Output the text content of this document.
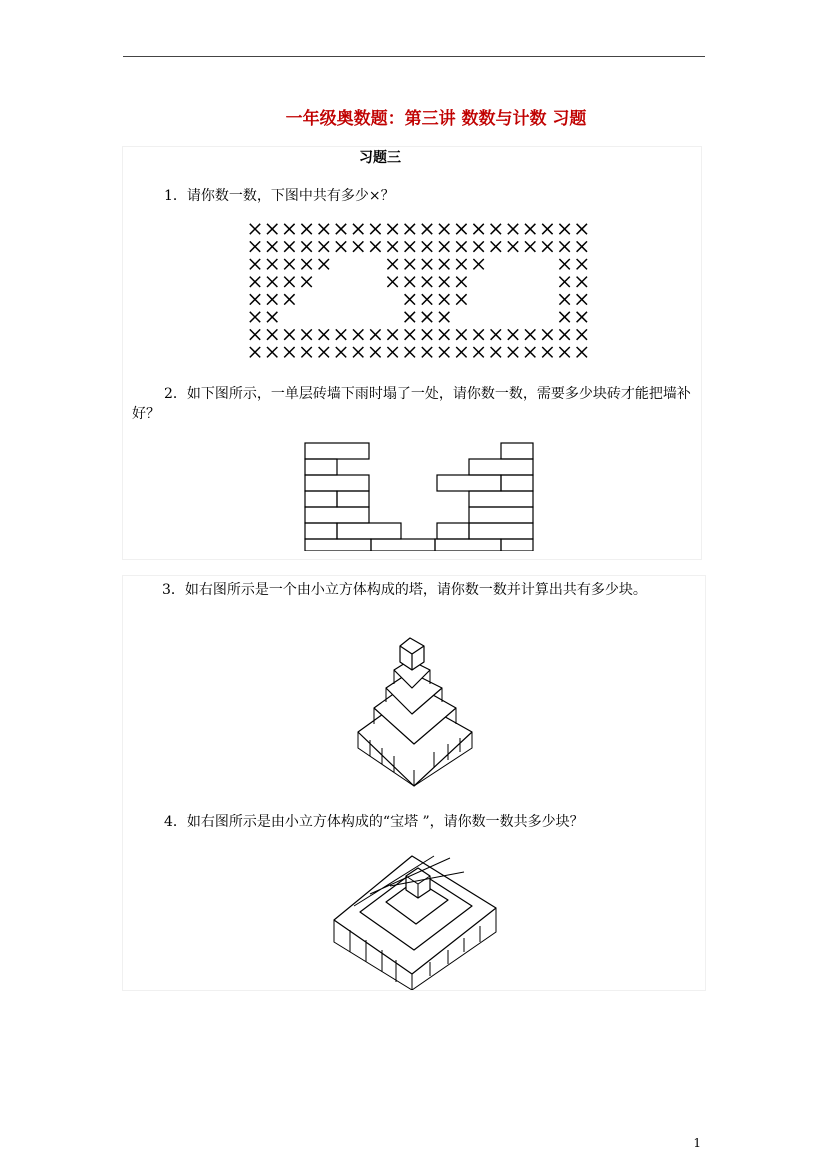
一年级奥数题：第三讲 数数与计数 习题
习题三
1．请你数一数，下图中共有多少×？
2．如下图所示，一单层砖墙下雨时塌了一处，请你数一数，需要多少块砖才能把墙补好？
3．如右图所示是一个由小立方体构成的塔，请你数一数并计算出共有多少块。
4．如右图所示是由小立方体构成的“宝塔 ”，请你数一数共多少块？
1
